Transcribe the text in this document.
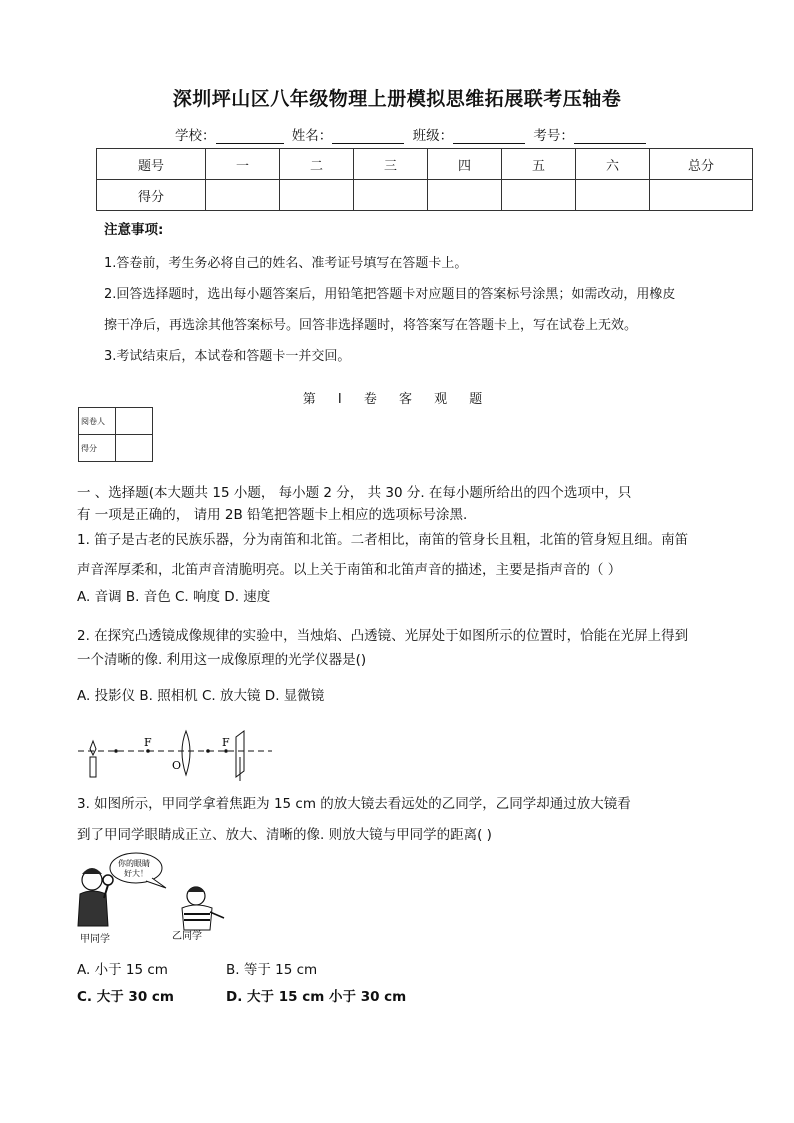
深圳坪山区八年级物理上册模拟思维拓展联考压轴卷
学校：	姓名：	班级：	考号：
题号	一	二	三	四	五	六	总分
得分							
注意事项:
1.答卷前，考生务必将自己的姓名、准考证号填写在答题卡上。
2.回答选择题时，选出每小题答案后，用铅笔把答题卡对应题目的答案标号涂黑；如需改动，用橡皮
擦干净后，再选涂其他答案标号。回答非选择题时，将答案写在答题卡上，写在试卷上无效。
3.考试结束后，本试卷和答题卡一并交回。
第 I 卷 客 观 题
阅卷人	
得分	
一 、选择题(本大题共 15 小题， 每小题 2 分， 共 30 分. 在每小题所给出的四个选项中，只
有 一项是正确的， 请用 2B 铅笔把答题卡上相应的选项标号涂黑.
1. 笛子是古老的民族乐器，分为南笛和北笛。二者相比，南笛的管身长且粗，北笛的管身短且细。南笛
声音浑厚柔和，北笛声音清脆明亮。以上关于南笛和北笛声音的描述，主要是指声音的（ ）
A. 音调 B. 音色 C. 响度 D. 速度
2. 在探究凸透镜成像规律的实验中，当烛焰、凸透镜、光屏处于如图所示的位置时，恰能在光屏上得到
一个清晰的像. 利用这一成像原理的光学仪器是()
A. 投影仪 B. 照相机 C. 放大镜 D. 显微镜
F
O
F
3. 如图所示，甲同学拿着焦距为 15 cm 的放大镜去看远处的乙同学，乙同学却通过放大镜看
到了甲同学眼睛成正立、放大、清晰的像. 则放大镜与甲同学的距离( )
你的眼睛
好大！
甲同学	乙同学
A. 小于 15 cm	B. 等于 15 cm
C. 大于 30 cm	D. 大于 15 cm 小于 30 cm
